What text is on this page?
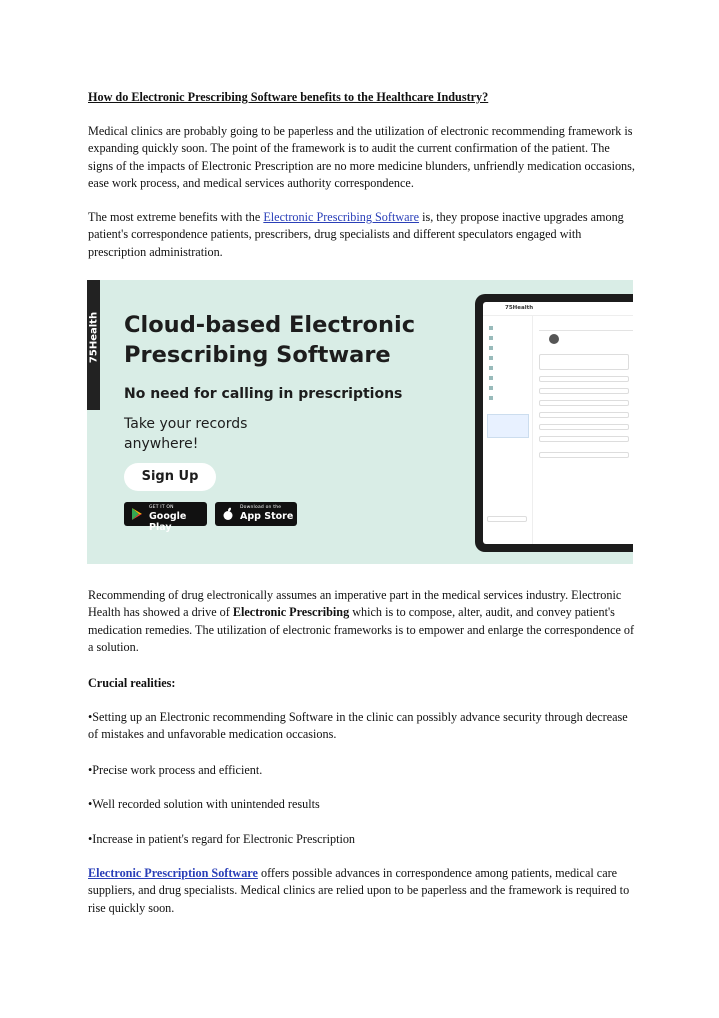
How do Electronic Prescribing Software benefits to the Healthcare Industry?
Medical clinics are probably going to be paperless and the utilization of electronic recommending framework is expanding quickly soon. The point of the framework is to audit the current confirmation of the patient. The signs of the impacts of Electronic Prescription are no more medicine blunders, unfriendly medication occasions, ease work process, and medical services authority correspondence.
The most extreme benefits with the Electronic Prescribing Software is, they propose inactive upgrades among patient's correspondence patients, prescribers, drug specialists and different speculators engaged with prescription administration.
75Health Cloud-based Electronic Prescribing Software
No need for calling in prescriptions
Take your records anywhere!
Sign Up
GET IT ON
Google Play
Download on the
App Store
75Health
Recommending of drug electronically assumes an imperative part in the medical services industry. Electronic Health has showed a drive of Electronic Prescribing which is to compose, alter, audit, and convey patient's medication remedies. The utilization of electronic frameworks is to empower and enlarge the correspondence of a solution.
Crucial realities:
•Setting up an Electronic recommending Software in the clinic can possibly advance security through decrease of mistakes and unfavorable medication occasions.
•Precise work process and efficient.
•Well recorded solution with unintended results
•Increase in patient's regard for Electronic Prescription
Electronic Prescription Software offers possible advances in correspondence among patients, medical care suppliers, and drug specialists. Medical clinics are relied upon to be paperless and the framework is required to rise quickly soon.
